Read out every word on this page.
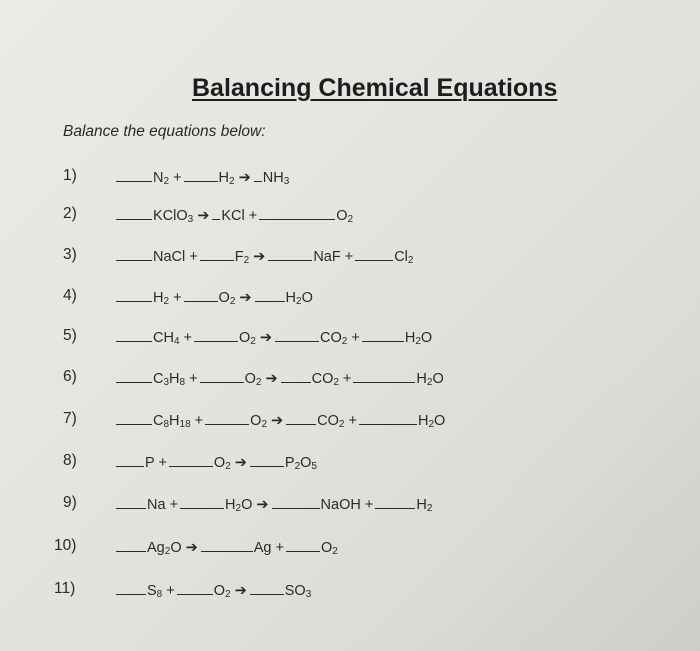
Balancing Chemical Equations
Balance the equations below:
1)	$N_2$ +	$H_2$ ➔ $NH_3$
2)	KClO$_3$ ➔ KCl +	$O_2$
3)	NaCl +	$F_2$ ➔	NaF +	$Cl_2$
4)	$H_2$ +	$O_2$ ➔ $H_2O$
5)	$CH_4$ +	$O_2$ ➔	$CO_2$ +	$H_2O$
6)	$C_3H_8$ +	$O_2$ ➔ $CO_2$ +	$H_2O$
7)	$C_8H_{18}$ +	$O_2$ ➔ $CO_2$ +	$H_2O$
8)	P +	$O_2$ ➔	$P_2O_5$
9)	Na +	$H_2O$ ➔	NaOH +	$H_2$
10)	$Ag_2O$ ➔	Ag +	$O_2$
11)	$S_8$ +	$O_2$ ➔	$SO_3$
